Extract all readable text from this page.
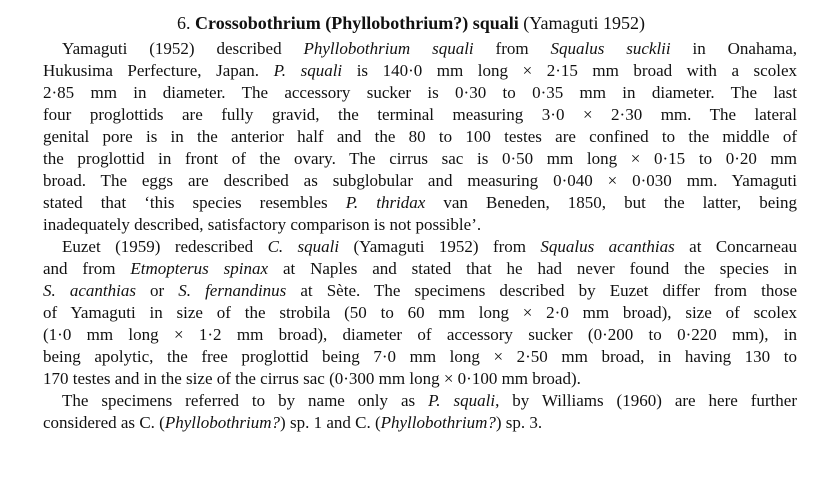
6. Crossobothrium (Phyllobothrium?) squali (Yamaguti 1952)
Yamaguti (1952) described Phyllobothrium squali from Squalus sucklii in Onahama,
Hukusima Perfecture, Japan. P. squali is 140·0 mm long × 2·15 mm broad with a scolex
2·85 mm in diameter. The accessory sucker is 0·30 to 0·35 mm in diameter. The last
four proglottids are fully gravid, the terminal measuring 3·0 × 2·30 mm. The lateral
genital pore is in the anterior half and the 80 to 100 testes are confined to the middle of
the proglottid in front of the ovary. The cirrus sac is 0·50 mm long × 0·15 to 0·20 mm
broad. The eggs are described as subglobular and measuring 0·040 × 0·030 mm. Yamaguti
stated that ‘this species resembles P. thridax van Beneden, 1850, but the latter, being
inadequately described, satisfactory comparison is not possible’.
Euzet (1959) redescribed C. squali (Yamaguti 1952) from Squalus acanthias at Concarneau
and from Etmopterus spinax at Naples and stated that he had never found the species in
S. acanthias or S. fernandinus at Sète. The specimens described by Euzet differ from those
of Yamaguti in size of the strobila (50 to 60 mm long × 2·0 mm broad), size of scolex
(1·0 mm long × 1·2 mm broad), diameter of accessory sucker (0·200 to 0·220 mm), in
being apolytic, the free proglottid being 7·0 mm long × 2·50 mm broad, in having 130 to
170 testes and in the size of the cirrus sac (0·300 mm long × 0·100 mm broad).
The specimens referred to by name only as P. squali, by Williams (1960) are here further
considered as C. (Phyllobothrium?) sp. 1 and C. (Phyllobothrium?) sp. 3.
